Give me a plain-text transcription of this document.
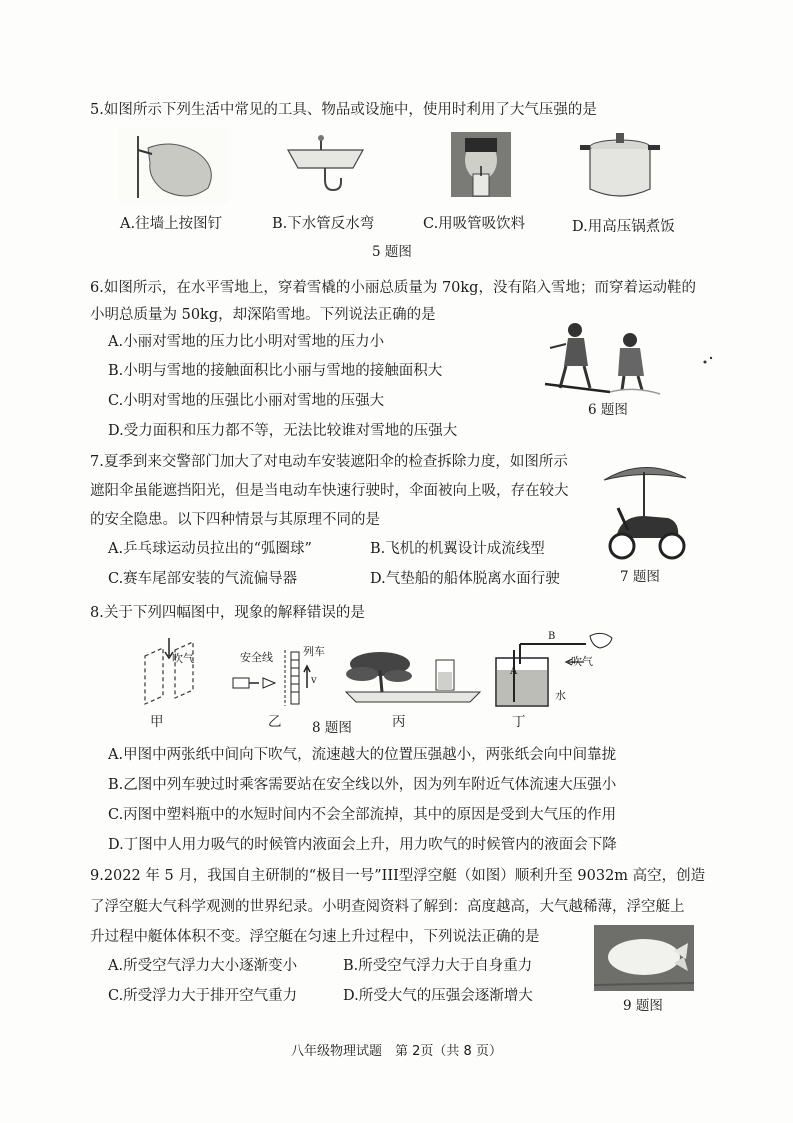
5.如图所示下列生活中常见的工具、物品或设施中，使用时利用了大气压强的是
A.往墙上按图钉	B.下水管反水弯	C.用吸管吸饮料	D.用高压锅煮饭
5 题图
6.如图所示，在水平雪地上，穿着雪橇的小丽总质量为 70kg，没有陷入雪地；而穿着运动鞋的
小明总质量为 50kg，却深陷雪地。下列说法正确的是
A.小丽对雪地的压力比小明对雪地的压力小
B.小明与雪地的接触面积比小丽与雪地的接触面积大
C.小明对雪地的压强比小丽对雪地的压强大
D.受力面积和压力都不等，无法比较谁对雪地的压强大
6 题图
7.夏季到来交警部门加大了对电动车安装遮阳伞的检查拆除力度，如图所示
遮阳伞虽能遮挡阳光，但是当电动车快速行驶时，伞面被向上吸，存在较大
的安全隐患。以下四种情景与其原理不同的是
A.乒乓球运动员拉出的“弧圈球”	B.飞机的机翼设计成流线型
C.赛车尾部安装的气流偏导器	D.气垫船的船体脱离水面行驶	7 题图
8.关于下列四幅图中，现象的解释错误的是
吹气	安全线	列车
v
B
A
吹气
水
甲	乙 8 题图	丙	丁
A.甲图中两张纸中间向下吹气，流速越大的位置压强越小，两张纸会向中间靠拢
B.乙图中列车驶过时乘客需要站在安全线以外，因为列车附近气体流速大压强小
C.丙图中塑料瓶中的水短时间内不会全部流掉，其中的原因是受到大气压的作用
D.丁图中人用力吸气的时候管内液面会上升，用力吹气的时候管内的液面会下降
9.2022 年 5 月，我国自主研制的“极目一号”III型浮空艇（如图）顺利升至 9032m 高空，创造
了浮空艇大气科学观测的世界纪录。小明查阅资料了解到：高度越高，大气越稀薄，浮空艇上
升过程中艇体体积不变。浮空艇在匀速上升过程中，下列说法正确的是
A.所受空气浮力大小逐渐变小	B.所受空气浮力大于自身重力
C.所受浮力大于排开空气重力	D.所受大气的压强会逐渐增大
9 题图
八年级物理试题　第 2页（共 8 页）
